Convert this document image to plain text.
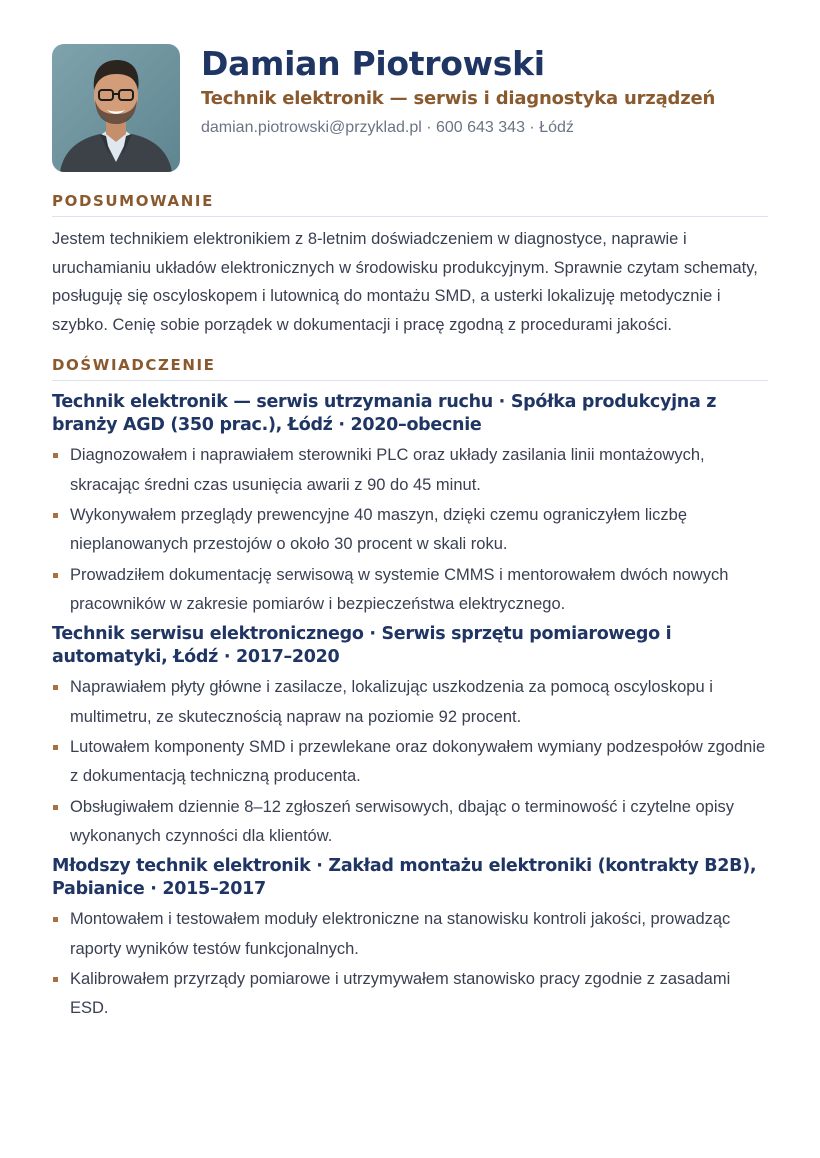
Damian Piotrowski
Technik elektronik — serwis i diagnostyka urządzeń
damian.piotrowski@przyklad.pl · 600 643 343 · Łódź
PODSUMOWANIE
Jestem technikiem elektronikiem z 8-letnim doświadczeniem w diagnostyce, naprawie i uruchamianiu układów elektronicznych w środowisku produkcyjnym. Sprawnie czytam schematy, posługuję się oscyloskopem i lutownicą do montażu SMD, a usterki lokalizuję metodycznie i szybko. Cenię sobie porządek w dokumentacji i pracę zgodną z procedurami jakości.
DOŚWIADCZENIE
Technik elektronik — serwis utrzymania ruchu · Spółka produkcyjna z branży AGD (350 prac.), Łódź · 2020–obecnie
Diagnozowałem i naprawiałem sterowniki PLC oraz układy zasilania linii montażowych, skracając średni czas usunięcia awarii z 90 do 45 minut.
Wykonywałem przeglądy prewencyjne 40 maszyn, dzięki czemu ograniczyłem liczbę nieplanowanych przestojów o około 30 procent w skali roku.
Prowadziłem dokumentację serwisową w systemie CMMS i mentorowałem dwóch nowych pracowników w zakresie pomiarów i bezpieczeństwa elektrycznego.
Technik serwisu elektronicznego · Serwis sprzętu pomiarowego i automatyki, Łódź · 2017–2020
Naprawiałem płyty główne i zasilacze, lokalizując uszkodzenia za pomocą oscyloskopu i multimetru, ze skutecznością napraw na poziomie 92 procent.
Lutowałem komponenty SMD i przewlekane oraz dokonywałem wymiany podzespołów zgodnie z dokumentacją techniczną producenta.
Obsługiwałem dziennie 8–12 zgłoszeń serwisowych, dbając o terminowość i czytelne opisy wykonanych czynności dla klientów.
Młodszy technik elektronik · Zakład montażu elektroniki (kontrakty B2B), Pabianice · 2015–2017
Montowałem i testowałem moduły elektroniczne na stanowisku kontroli jakości, prowadząc raporty wyników testów funkcjonalnych.
Kalibrowałem przyrządy pomiarowe i utrzymywałem stanowisko pracy zgodnie z zasadami ESD.
